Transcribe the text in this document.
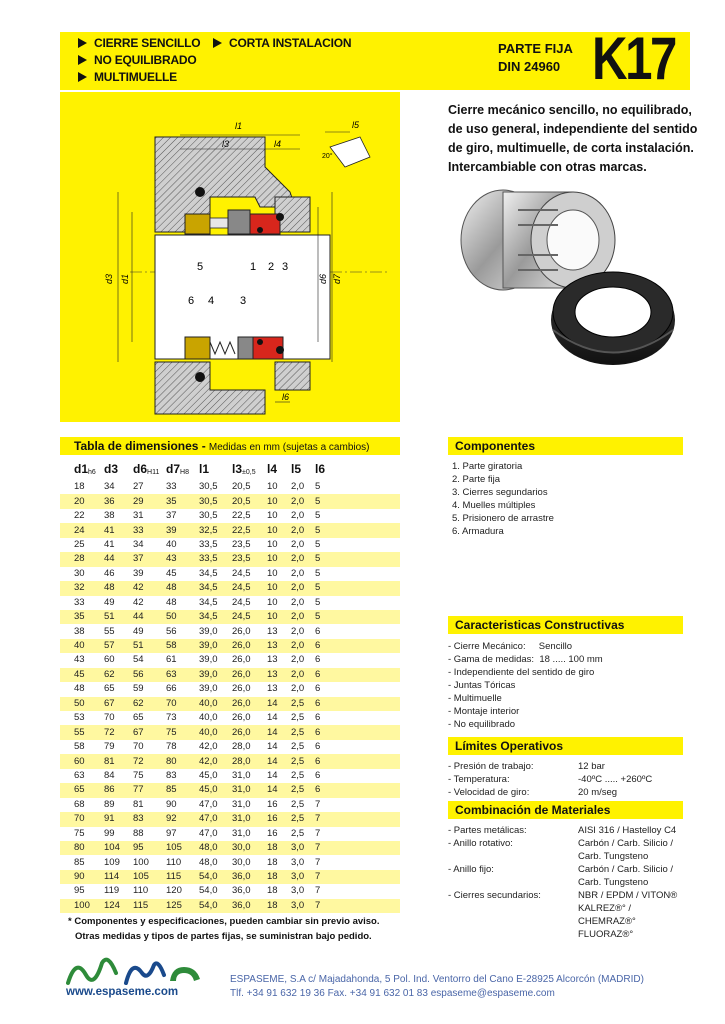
CIERRE SENCILLO
NO EQUILIBRADO
MULTIMUELLE
CORTA INSTALACION	PARTE FIJA
DIN 24960 K17
l1
l3	l4
l5
l6
20°
d3 d1	d6 d7
5	1 2 3
6 4 3
Cierre mecánico sencillo, no equilibrado, de uso general, independiente del sentido de giro, multimuelle, de corta instalación. Intercambiable con otras marcas.
Tabla de dimensiones - Medidas en mm (sujetas a cambios)
$d1_{h6}$	d3	$d6_{H11}$	$d7_{H8}$	l1	$l3_{\pm 0,5}$	l4	l5	l6
18	34	27	33	30,5	20,5	10	2,0	5
20	36	29	35	30,5	20,5	10	2,0	5
22	38	31	37	30,5	22,5	10	2,0	5
24	41	33	39	32,5	22,5	10	2,0	5
25	41	34	40	33,5	23,5	10	2,0	5
28	44	37	43	33,5	23,5	10	2,0	5
30	46	39	45	34,5	24,5	10	2,0	5
32	48	42	48	34,5	24,5	10	2,0	5
33	49	42	48	34,5	24,5	10	2,0	5
35	51	44	50	34,5	24,5	10	2,0	5
38	55	49	56	39,0	26,0	13	2,0	6
40	57	51	58	39,0	26,0	13	2,0	6
43	60	54	61	39,0	26,0	13	2,0	6
45	62	56	63	39,0	26,0	13	2,0	6
48	65	59	66	39,0	26,0	13	2,0	6
50	67	62	70	40,0	26,0	14	2,5	6
53	70	65	73	40,0	26,0	14	2,5	6
55	72	67	75	40,0	26,0	14	2,5	6
58	79	70	78	42,0	28,0	14	2,5	6
60	81	72	80	42,0	28,0	14	2,5	6
63	84	75	83	45,0	31,0	14	2,5	6
65	86	77	85	45,0	31,0	14	2,5	6
68	89	81	90	47,0	31,0	16	2,5	7
70	91	83	92	47,0	31,0	16	2,5	7
75	99	88	97	47,0	31,0	16	2,5	7
80	104	95	105	48,0	30,0	18	3,0	7
85	109	100	110	48,0	30,0	18	3,0	7
90	114	105	115	54,0	36,0	18	3,0	7
95	119	110	120	54,0	36,0	18	3,0	7
100	124	115	125	54,0	36,0	18	3,0	7
* Componentes y especificaciones, pueden cambiar sin previo aviso.
Otras medidas y tipos de partes fijas, se suministran bajo pedido.
Componentes
1. Parte giratoria
2. Parte fija
3. Cierres segundarios
4. Muelles múltiples
5. Prisionero de arrastre
6. Armadura
Caracteristicas Constructivas
- Cierre Mecánico:     Sencillo
- Gama de medidas:  18 ..... 100 mm
- Independiente del sentido de giro
- Juntas Tóricas
- Multimuelle
- Montaje interior
- No equilibrado
Límites Operativos
- Presión de trabajo:	12 bar
- Temperatura:	-40ºC ..... +260ºC
- Velocidad de giro:	20 m/seg
Combinación de Materiales
- Partes metálicas:	AISI 316 / Hastelloy C4
- Anillo rotativo:	Carbón / Carb. Silicio /
Carb. Tungsteno
- Anillo fijo:	Carbón / Carb. Silicio /
Carb. Tungsteno
- Cierres secundarios:	NBR / EPDM / VITON®
KALREZ®° / CHEMRAZ®°
FLUORAZ®°
www.espaseme.com
ESPASEME, S.A c/ Majadahonda, 5 Pol. Ind. Ventorro del Cano E-28925 Alcorcón (MADRID)
Tlf. +34 91 632 19 36 Fax. +34 91 632 01 83 espaseme@espaseme.com
